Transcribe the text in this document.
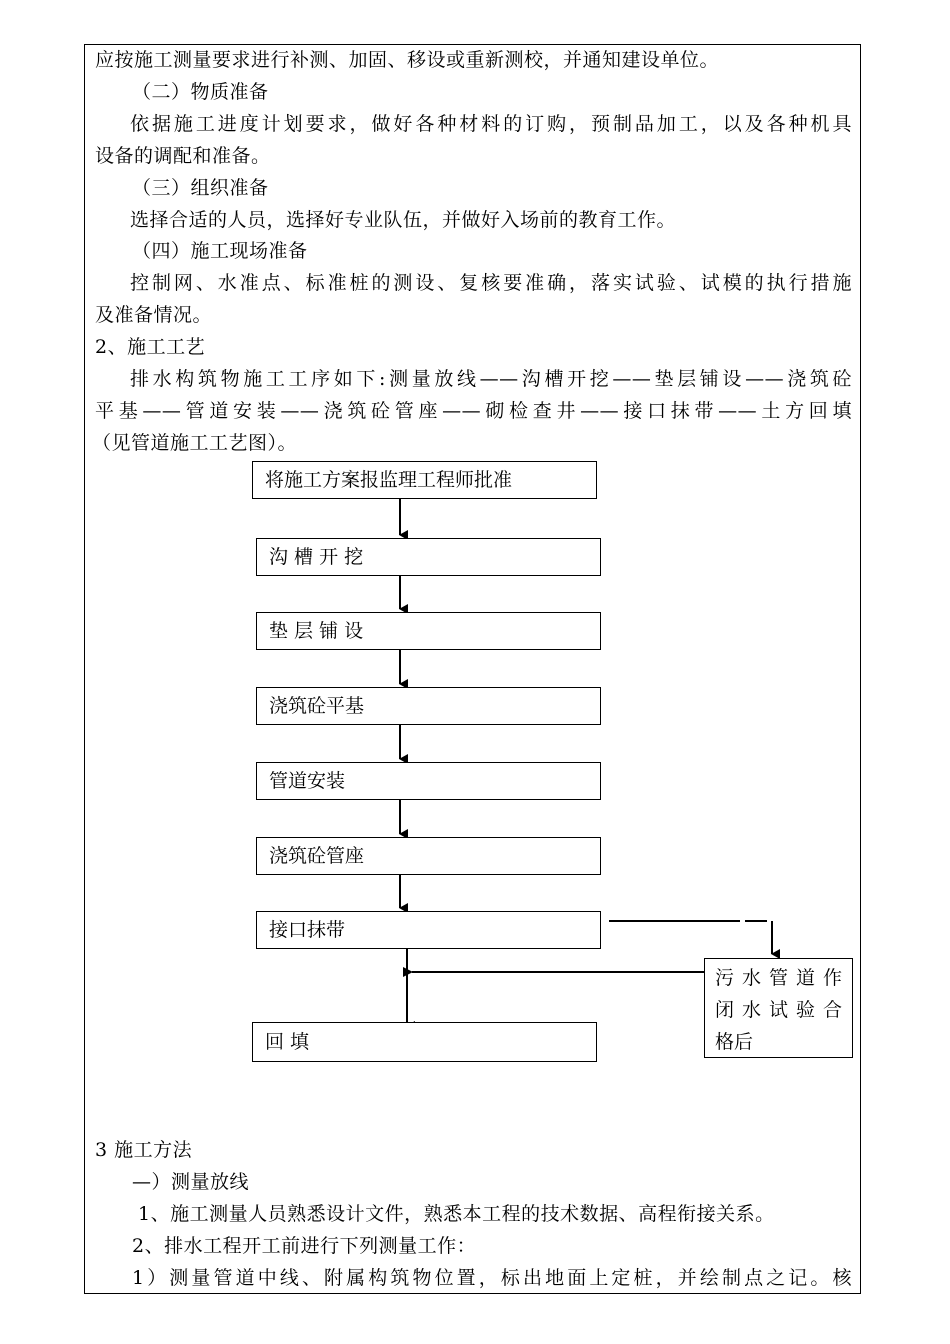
应按施工测量要求进行补测、加固、移设或重新测校，并通知建设单位。
（二）物质准备
依据施工进度计划要求，做好各种材料的订购，预制品加工，以及各种机具
设备的调配和准备。
（三）组织准备
选择合适的人员，选择好专业队伍，并做好入场前的教育工作。
（四）施工现场准备
控制网、水准点、标准桩的测设、复核要准确，落实试验、试模的执行措施
及准备情况。
2、施工工艺
排水构筑物施工工序如下:测量放线——沟槽开挖——垫层铺设——浇筑砼
平基——管道安装——浇筑砼管座——砌检查井——接口抹带——土方回填
（见管道施工工艺图）。
将施工方案报监理工程师批准
沟 槽 开 挖
垫 层 铺 设
浇筑砼平基
管道安装
浇筑砼管座
接口抹带
回 填
污水管道作
闭水试验合
格后
3 施工方法
—）测量放线
1、施工测量人员熟悉设计文件，熟悉本工程的技术数据、高程衔接关系。
2、排水工程开工前进行下列测量工作：
1）测量管道中线、附属构筑物位置，标出地面上定桩，并绘制点之记。核
